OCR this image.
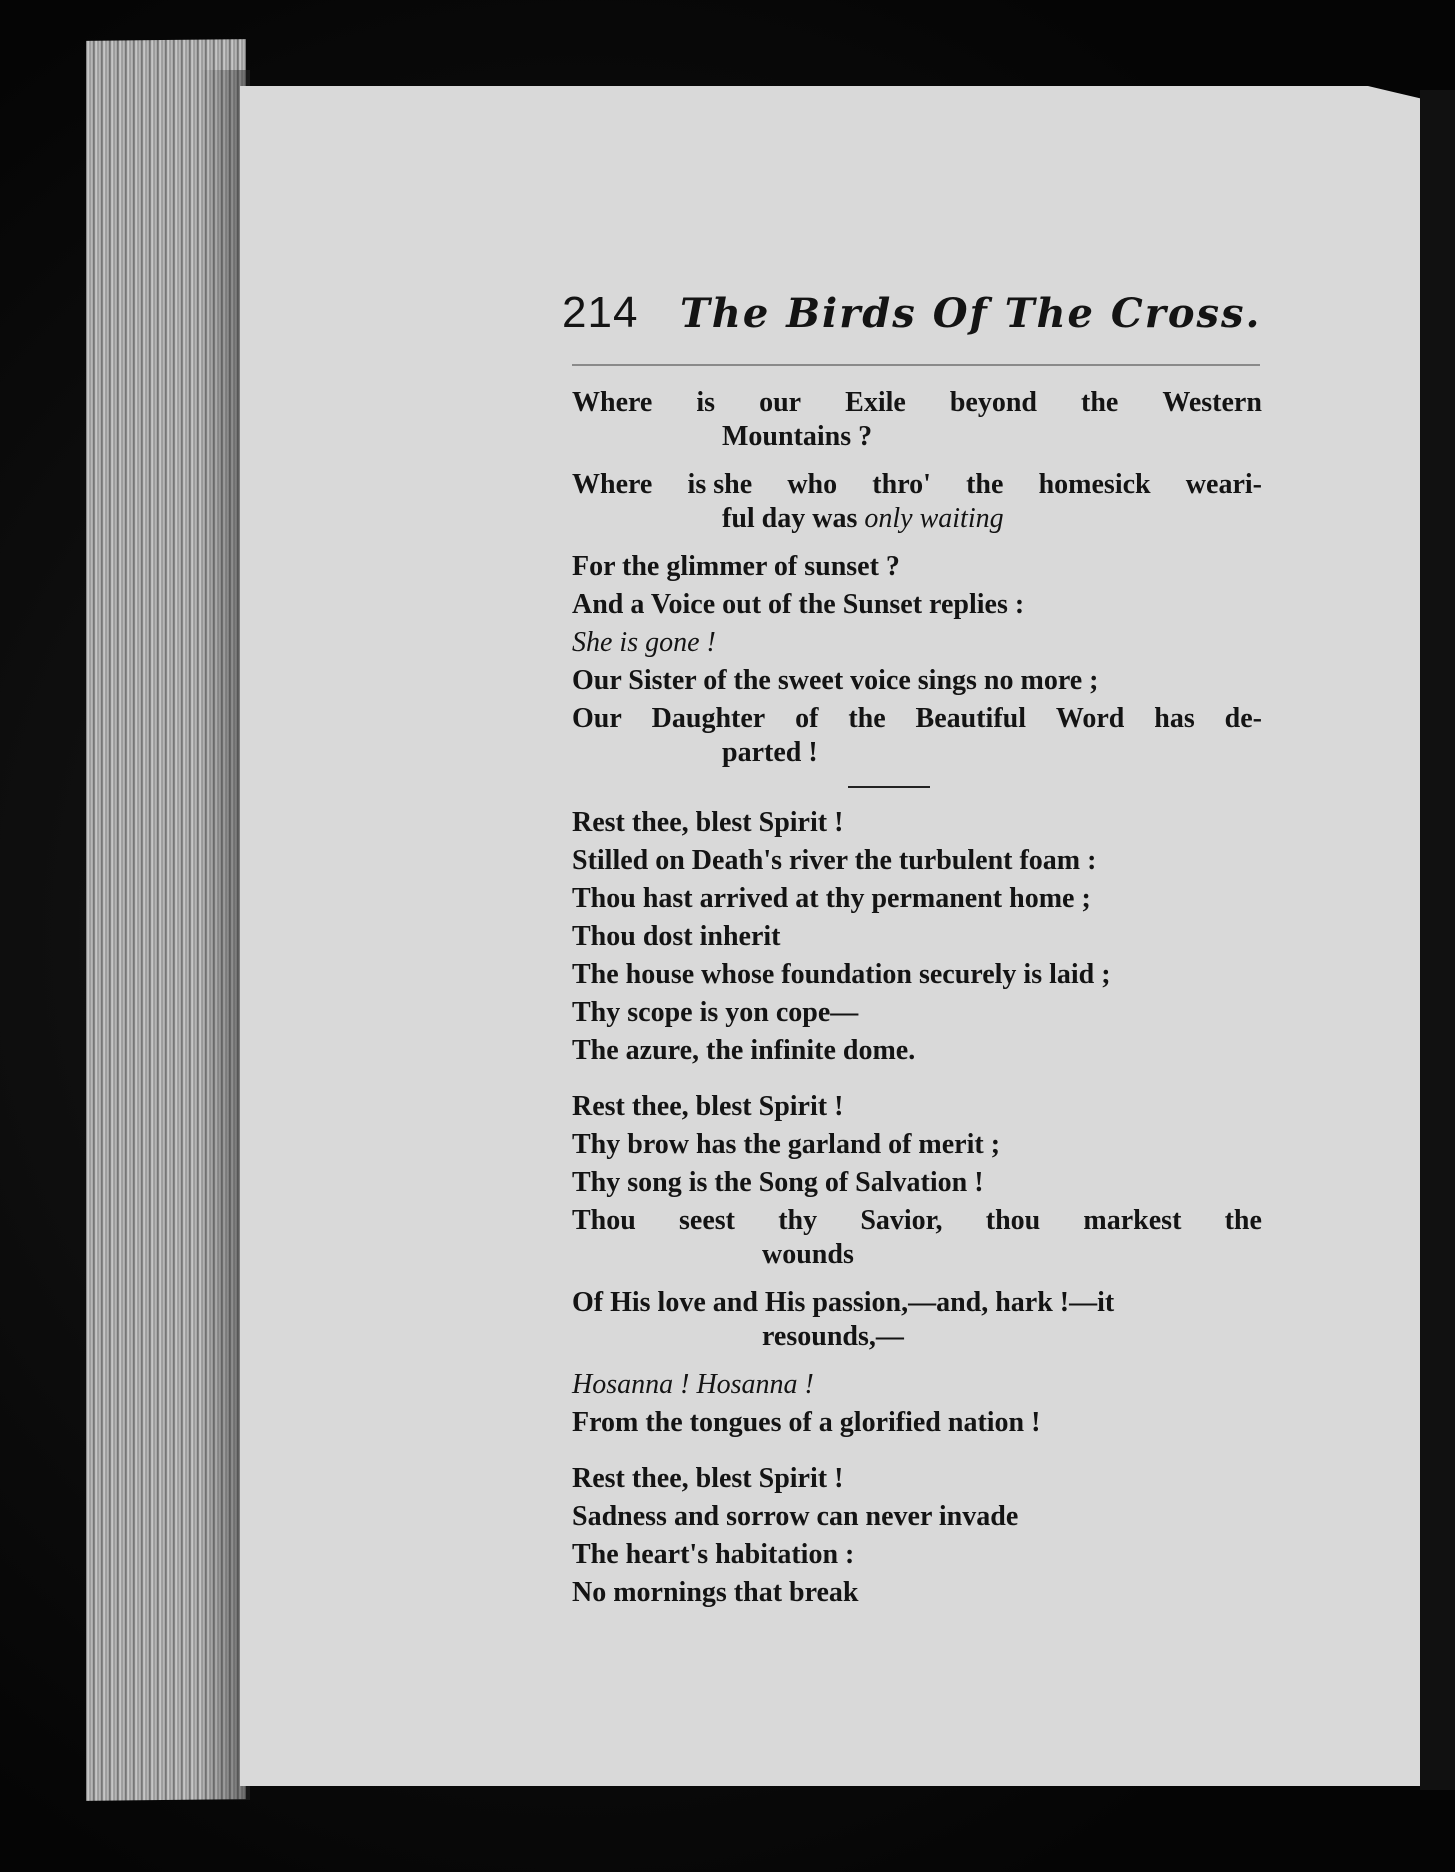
214 The Birds Of The Cross.
Where is our Exile beyond the Western
Mountains ?
Where is she who thro' the homesick weari-
ful day was only waiting
For the glimmer of sunset ?
And a Voice out of the Sunset replies :
She is gone !
Our Sister of the sweet voice sings no more ;
Our Daughter of the Beautiful Word has de-
parted !
Rest thee, blest Spirit !
Stilled on Death's river the turbulent foam :
Thou hast arrived at thy permanent home ;
Thou dost inherit
The house whose foundation securely is laid ;
Thy scope is yon cope—
The azure, the infinite dome.
Rest thee, blest Spirit !
Thy brow has the garland of merit ;
Thy song is the Song of Salvation !
Thou seest thy Savior, thou markest the
wounds
Of His love and His passion,—and, hark !—it
resounds,—
Hosanna ! Hosanna !
From the tongues of a glorified nation !
Rest thee, blest Spirit !
Sadness and sorrow can never invade
The heart's habitation :
No mornings that break
